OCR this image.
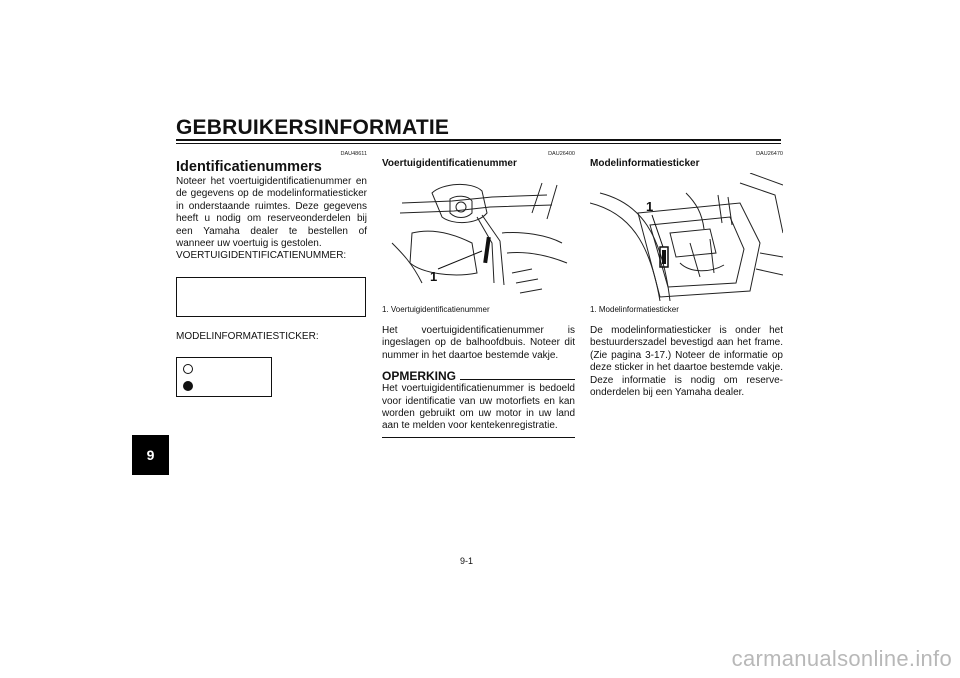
GEBRUIKERSINFORMATIE
9
DAU48611
Identificatienummers
Noteer het voertuigidentificatienummer en de gegevens op de modelinformatiesticker in onderstaande ruimtes. Deze gegevens heeft u nodig om reserveonderdelen bij een Yamaha dealer te bestellen of wanneer uw voertuig is gestolen.
VOERTUIGIDENTIFICATIENUMMER:
MODELINFORMATIESTICKER:
DAU26400
Voertuigidentificatienummer
1
1. Voertuigidentificatienummer
Het voertuigidentificatienummer is ingeslagen op de balhoofdbuis. Noteer dit nummer in het daartoe bestemde vakje.
OPMERKING
Het voertuigidentificatienummer is bedoeld voor identificatie van uw motorfiets en kan worden gebruikt om uw motor in uw land aan te melden voor kentekenregistratie.
DAU26470
Modelinformatiesticker
1
1. Modelinformatiesticker
De modelinformatiesticker is onder het bestuurderszadel bevestigd aan het frame. (Zie pagina 3-17.) Noteer de informatie op deze sticker in het daartoe bestemde vakje. Deze informatie is nodig om reserve-onderdelen bij een Yamaha dealer.
9-1
carmanualsonline.info
